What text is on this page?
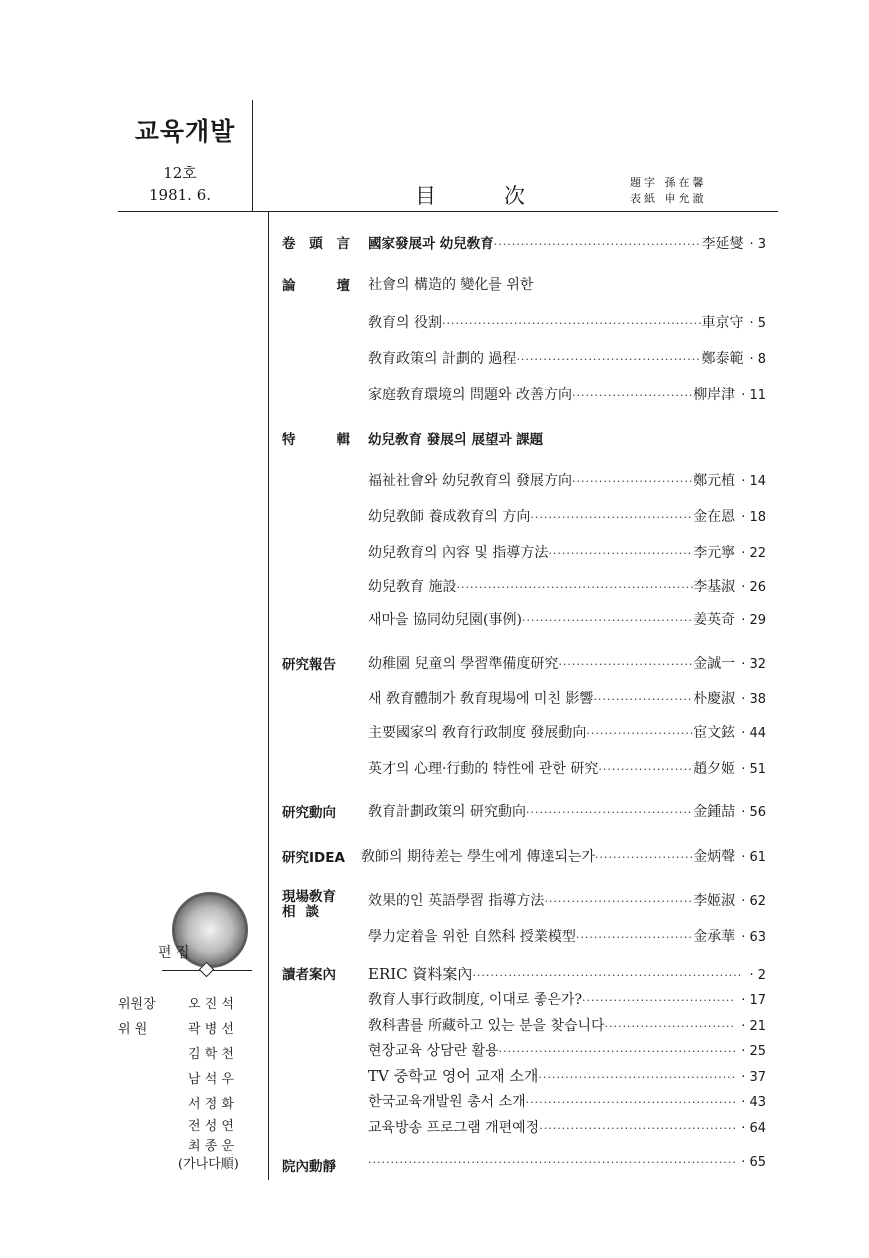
교육개발
12호
1981. 6.	目	次
題字 孫在馨
表紙 申允澈
卷 頭 言 國家發展과 幼兒敎育 ·····	李延燮	· 3
論	壇 社會의 構造的 變化를 위한
敎育의 役割 ·····	車京守	· 5
敎育政策의 計劃的 過程 ·····	鄭泰範	· 8
家庭敎育環境의 問題와 改善方向 ·····	柳岸津	· 11
特	輯 幼兒敎育 發展의 展望과 課題
福祉社會와 幼兒敎育의 發展方向 ·····	鄭元植	· 14
幼兒敎師 養成敎育의 方向 ·····	金在恩	· 18
幼兒敎育의 內容 및 指導方法 ·····	李元寧	· 22
幼兒敎育 施設 ·····	李基淑	· 26
새마을 協同幼兒園(事例) ·····	姜英奇	· 29
研究報告 幼稚園 兒童의 學習準備度研究 ·····	金誠一	· 32
새 敎育體制가 敎育現場에 미친 影響 ·····	朴慶淑	· 38
主要國家의 敎育行政制度 發展動向 ·····	宦文鉉	· 44
英才의 心理·行動的 特性에 관한 研究 ·····	趙夕姬	· 51
研究動向 敎育計劃政策의 研究動向 ·····	金鍾喆	· 56
研究IDEA 敎師의 期待差는 學生에게 傳達되는가 ·····	金炳聲	· 61
現場敎育
相談
效果的인 英語學習 指導方法 ·····	李姬淑	· 62
學力定着을 위한 自然科 授業模型 ·····	金承華	· 63
讀者案內 ERIC 資料案內 ·····	· 2
敎育人事行政制度, 이대로 좋은가? ·····	· 17
敎科書를 所藏하고 있는 분을 찾습니다 ·····	· 21
현장교육 상담란 활용 ·····	· 25
TV 중학교 영어 교재 소개 ·····	· 37
한국교육개발원 총서 소개 ·····	· 43
교육방송 프로그램 개편예정 ·····	· 64
院內動靜 ·····	· 65
편 집
위원장	오 진 석
위 원	곽 병 선
김 학 천
남 석 우
서 정 화
전 성 연
최 종 운
(가나다順)
